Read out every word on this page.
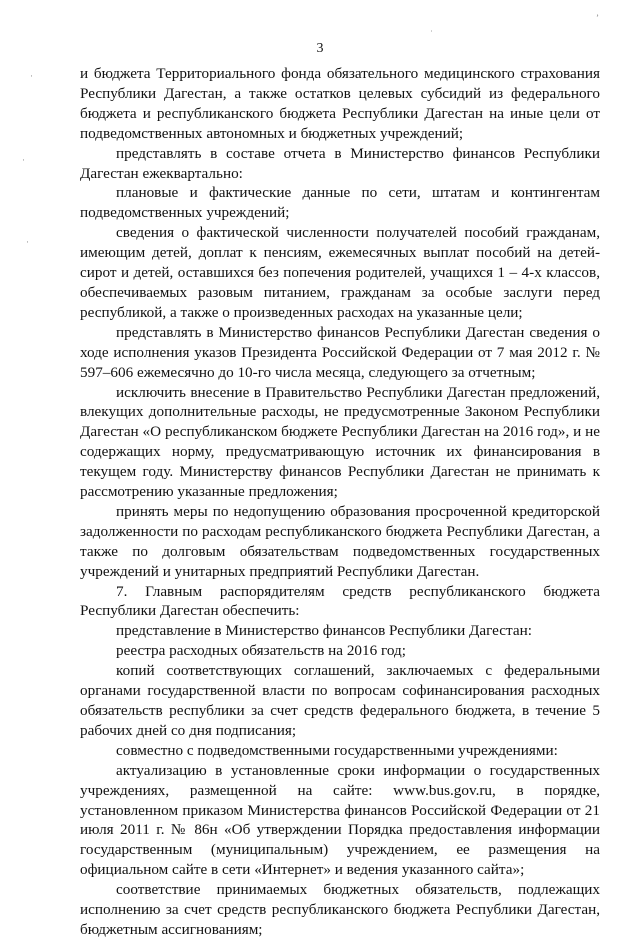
˙
ʼ
·
·
·
3

и бюджета Территориального фонда обязательного медицинского страхования Республики Дагестан, а также остатков целевых субсидий из федерального бюджета и республиканского бюджета Республики Дагестан на иные цели от подведомственных автономных и бюджетных учреждений;

представлять в составе отчета в Министерство финансов Республики Дагестан ежеквартально:

плановые и фактические данные по сети, штатам и контингентам подведомственных учреждений;

сведения о фактической численности получателей пособий гражданам, имеющим детей, доплат к пенсиям, ежемесячных выплат пособий на детей-сирот и детей, оставшихся без попечения родителей, учащихся 1 – 4-х классов, обеспечиваемых разовым питанием, гражданам за особые заслуги перед республикой, а также о произведенных расходах на указанные цели;

представлять в Министерство финансов Республики Дагестан сведения о ходе исполнения указов Президента Российской Федерации от 7 мая 2012 г. № 597–606 ежемесячно до 10-го числа месяца, следующего за отчетным;

исключить внесение в Правительство Республики Дагестан предложений, влекущих дополнительные расходы, не предусмотренные Законом Республики Дагестан «О республиканском бюджете Республики Дагестан на 2016 год», и не содержащих норму, предусматривающую источник их финансирования в текущем году. Министерству финансов Республики Дагестан не принимать к рассмотрению указанные предложения;

принять меры по недопущению образования просроченной кредиторской задолженности по расходам республиканского бюджета Республики Дагестан, а также по долговым обязательствам подведомственных государственных учреждений и унитарных предприятий Республики Дагестан.

7. Главным распорядителям средств республиканского бюджета Республики Дагестан обеспечить:

представление в Министерство финансов Республики Дагестан:

реестра расходных обязательств на 2016 год;

копий соответствующих соглашений, заключаемых с федеральными органами государственной власти по вопросам софинансирования расходных обязательств республики за счет средств федерального бюджета, в течение 5 рабочих дней со дня подписания;

совместно с подведомственными государственными учреждениями:

актуализацию в установленные сроки информации о государственных учреждениях, размещенной на сайте: www.bus.gov.ru, в порядке, установленном приказом Министерства финансов Российской Федерации от 21 июля 2011 г. № 86н «Об утверждении Порядка предоставления информации государственным (муниципальным) учреждением, ее размещения на официальном сайте в сети «Интернет» и ведения указанного сайта»;

соответствие принимаемых бюджетных обязательств, подлежащих исполнению за счет средств республиканского бюджета Республики Дагестан, бюджетным ассигнованиям;
